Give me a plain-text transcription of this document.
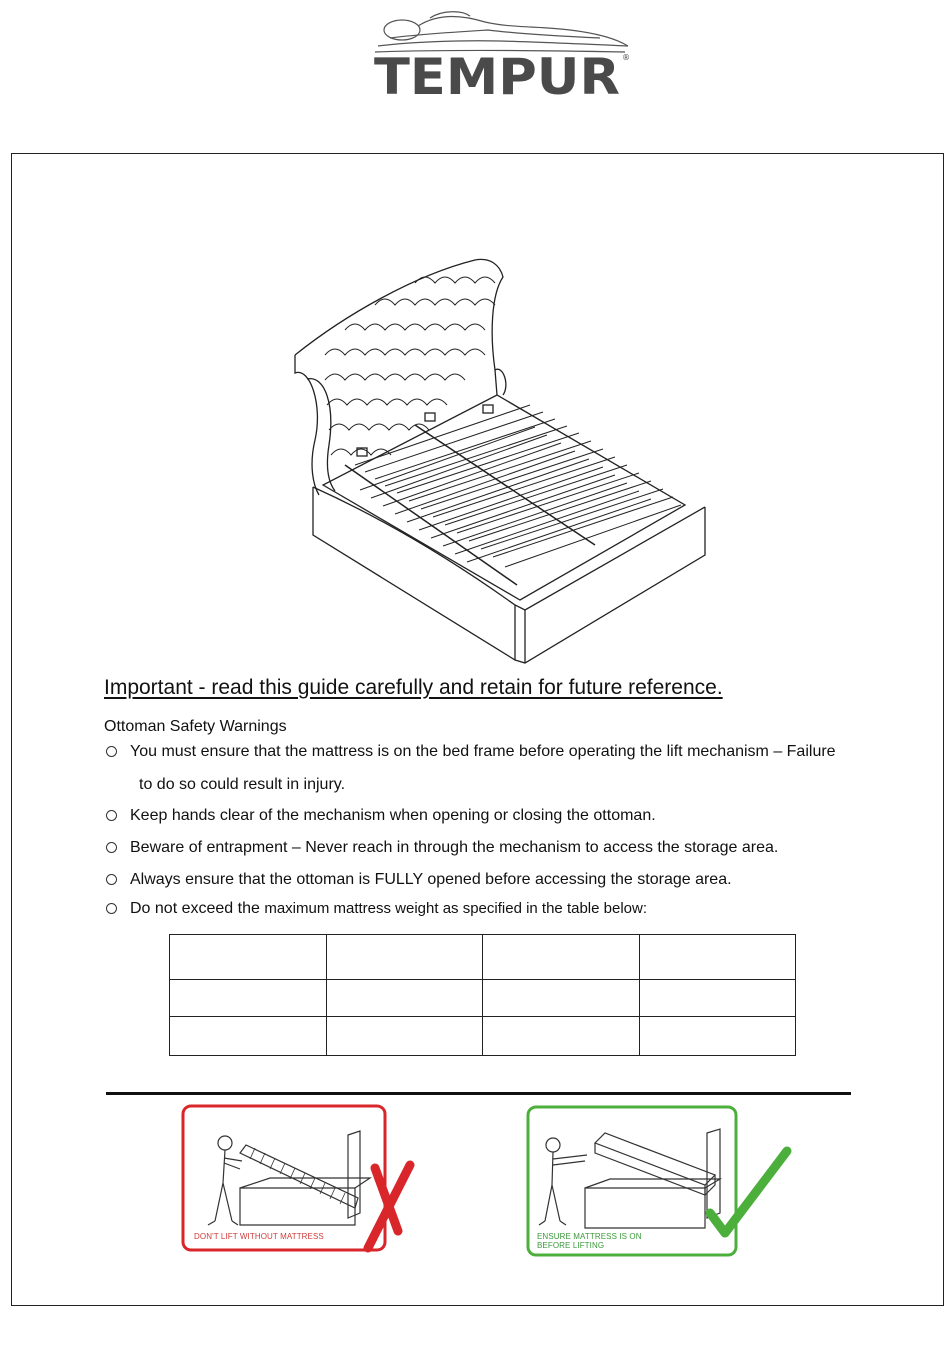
TEMPUR ®
Important - read this guide carefully and retain for future reference.
Ottoman Safety Warnings
You must ensure that the mattress is on the bed frame before operating the lift mechanism – Failure
to do so could result in injury.
Keep hands clear of the mechanism when opening or closing the ottoman.
Beware of entrapment – Never reach in through the mechanism to access the storage area.
Always ensure that the ottoman is FULLY opened before accessing the storage area.
Do not exceed the maximum mattress weight as specified in the table below:

DON'T LIFT WITHOUT MATTRESS	ENSURE MATTRESS IS ON BEFORE LIFTING
